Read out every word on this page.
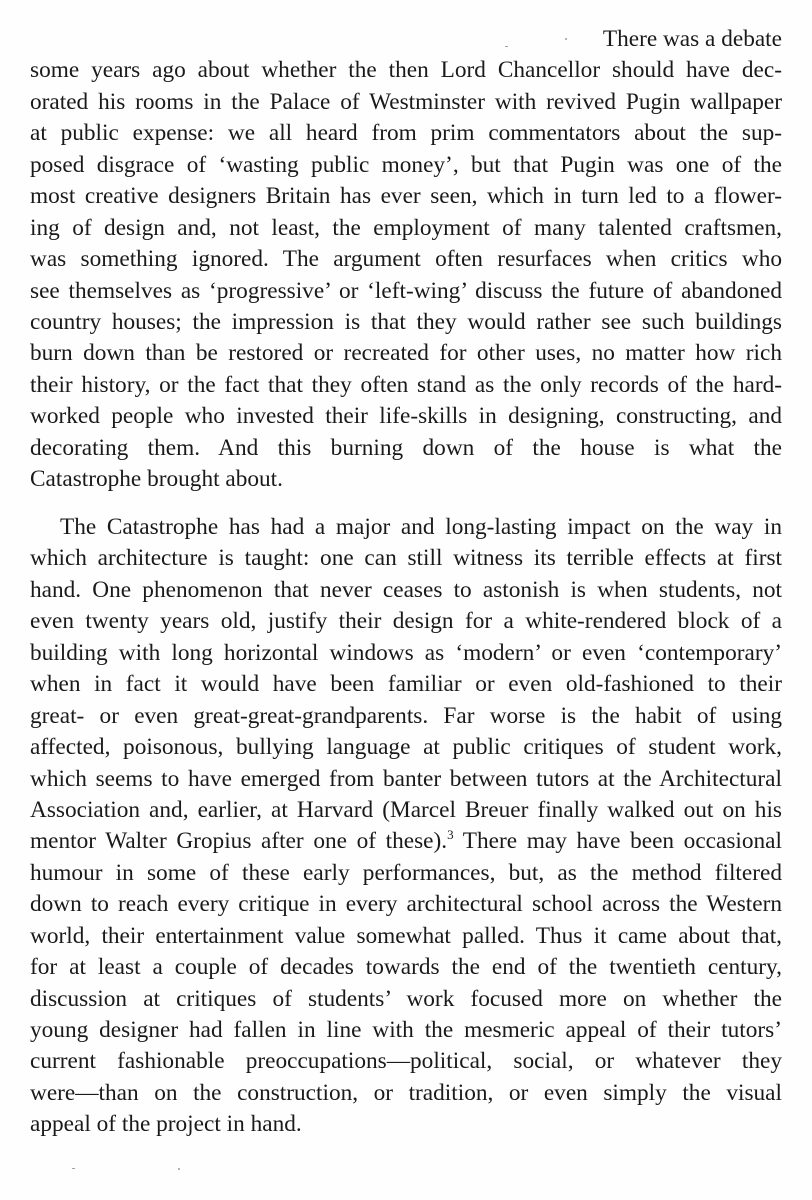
There was a debate
some years ago about whether the then Lord Chancellor should have dec-
orated his rooms in the Palace of Westminster with revived Pugin wallpaper
at public expense: we all heard from prim commentators about the sup-
posed disgrace of ‘wasting public money’, but that Pugin was one of the
most creative designers Britain has ever seen, which in turn led to a flower-
ing of design and, not least, the employment of many talented craftsmen,
was something ignored. The argument often resurfaces when critics who
see themselves as ‘progressive’ or ‘left-wing’ discuss the future of abandoned
country houses; the impression is that they would rather see such buildings
burn down than be restored or recreated for other uses, no matter how rich
their history, or the fact that they often stand as the only records of the hard-
worked people who invested their life-skills in designing, constructing, and
decorating them. And this burning down of the house is what the
Catastrophe brought about.
The Catastrophe has had a major and long-lasting impact on the way in
which architecture is taught: one can still witness its terrible effects at first
hand. One phenomenon that never ceases to astonish is when students, not
even twenty years old, justify their design for a white-rendered block of a
building with long horizontal windows as ‘modern’ or even ‘contemporary’
when in fact it would have been familiar or even old-fashioned to their
great- or even great-great-grandparents. Far worse is the habit of using
affected, poisonous, bullying language at public critiques of student work,
which seems to have emerged from banter between tutors at the Architectural
Association and, earlier, at Harvard (Marcel Breuer finally walked out on his
mentor Walter Gropius after one of these).$^3$ There may have been occasional
humour in some of these early performances, but, as the method filtered
down to reach every critique in every architectural school across the Western
world, their entertainment value somewhat palled. Thus it came about that,
for at least a couple of decades towards the end of the twentieth century,
discussion at critiques of students’ work focused more on whether the
young designer had fallen in line with the mesmeric appeal of their tutors’
current fashionable preoccupations—political, social, or whatever they
were—than on the construction, or tradition, or even simply the visual
appeal of the project in hand.
